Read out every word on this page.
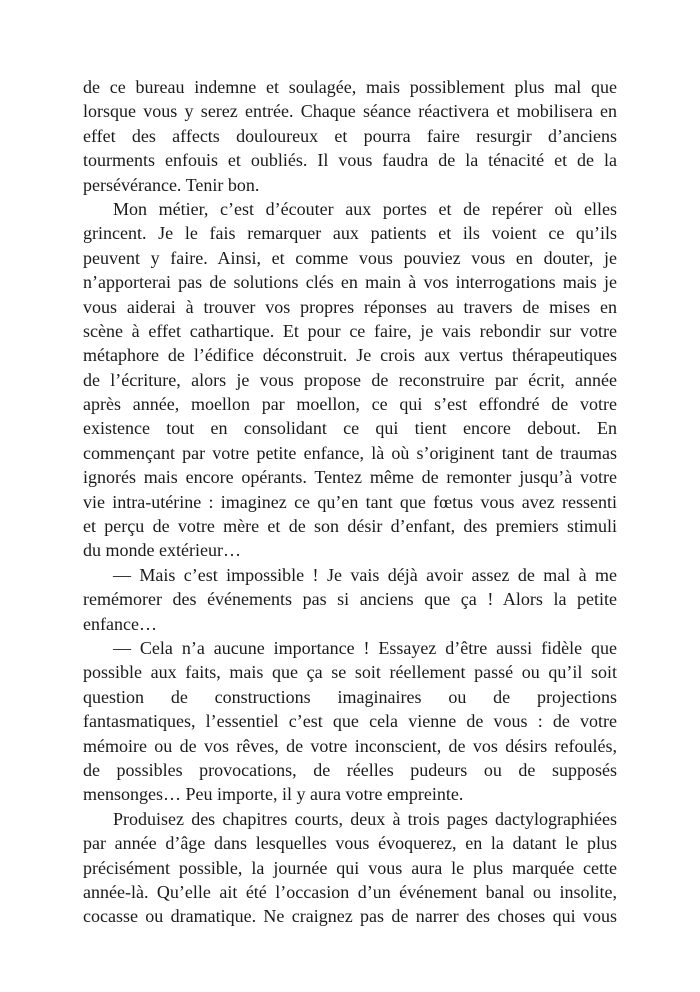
de ce bureau indemne et soulagée, mais possiblement plus mal que
lorsque vous y serez entrée. Chaque séance réactivera et mobilisera en
effet des affects douloureux et pourra faire resurgir d’anciens
tourments enfouis et oubliés. Il vous faudra de la ténacité et de la
persévérance. Tenir bon.
Mon métier, c’est d’écouter aux portes et de repérer où elles
grincent. Je le fais remarquer aux patients et ils voient ce qu’ils
peuvent y faire. Ainsi, et comme vous pouviez vous en douter, je
n’apporterai pas de solutions clés en main à vos interrogations mais je
vous aiderai à trouver vos propres réponses au travers de mises en
scène à effet cathartique. Et pour ce faire, je vais rebondir sur votre
métaphore de l’édifice déconstruit. Je crois aux vertus thérapeutiques
de l’écriture, alors je vous propose de reconstruire par écrit, année
après année, moellon par moellon, ce qui s’est effondré de votre
existence tout en consolidant ce qui tient encore debout. En
commençant par votre petite enfance, là où s’originent tant de traumas
ignorés mais encore opérants. Tentez même de remonter jusqu’à votre
vie intra-utérine : imaginez ce qu’en tant que fœtus vous avez ressenti
et perçu de votre mère et de son désir d’enfant, des premiers stimuli
du monde extérieur…
— Mais c’est impossible ! Je vais déjà avoir assez de mal à me
remémorer des événements pas si anciens que ça ! Alors la petite
enfance…
— Cela n’a aucune importance ! Essayez d’être aussi fidèle que
possible aux faits, mais que ça se soit réellement passé ou qu’il soit
question de constructions imaginaires ou de projections
fantasmatiques, l’essentiel c’est que cela vienne de vous : de votre
mémoire ou de vos rêves, de votre inconscient, de vos désirs refoulés,
de possibles provocations, de réelles pudeurs ou de supposés
mensonges… Peu importe, il y aura votre empreinte.
Produisez des chapitres courts, deux à trois pages dactylographiées
par année d’âge dans lesquelles vous évoquerez, en la datant le plus
précisément possible, la journée qui vous aura le plus marquée cette
année-là. Qu’elle ait été l’occasion d’un événement banal ou insolite,
cocasse ou dramatique. Ne craignez pas de narrer des choses qui vous
